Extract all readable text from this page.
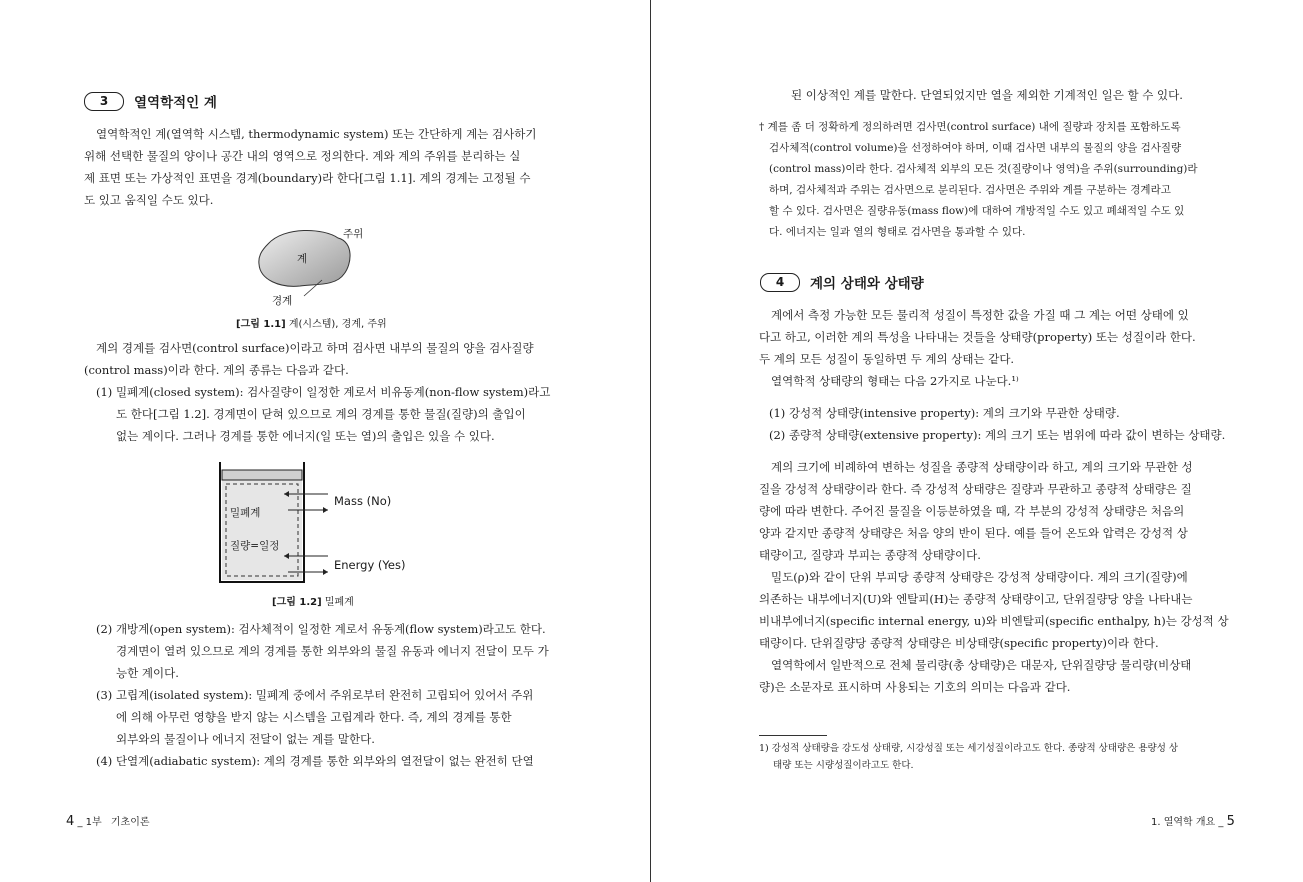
3	열역학적인 계
열역학적인 계(열역학 시스템, thermodynamic system) 또는 간단하게 계는 검사하기
위해 선택한 물질의 양이나 공간 내의 영역으로 정의한다. 계와 계의 주위를 분리하는 실
제 표면 또는 가상적인 표면을 경계(boundary)라 한다[그림 1.1]. 계의 경계는 고정될 수
도 있고 움직일 수도 있다.
주위
계
경계
[그림 1.1] 계(시스템), 경계, 주위
계의 경계를 검사면(control surface)이라고 하며 검사면 내부의 물질의 양을 검사질량
(control mass)이라 한다. 계의 종류는 다음과 같다.
(1) 밀폐계(closed system): 검사질량이 일정한 계로서 비유동계(non-flow system)라고
도 한다[그림 1.2]. 경계면이 닫혀 있으므로 계의 경계를 통한 물질(질량)의 출입이
없는 계이다. 그러나 경계를 통한 에너지(일 또는 열)의 출입은 있을 수 있다.
밀폐계
질량=일정
Mass (No)
Energy (Yes)
[그림 1.2] 밀폐계
(2) 개방계(open system): 검사체적이 일정한 계로서 유동계(flow system)라고도 한다.
경계면이 열려 있으므로 계의 경계를 통한 외부와의 물질 유동과 에너지 전달이 모두 가
능한 계이다.
(3) 고립계(isolated system): 밀폐계 중에서 주위로부터 완전히 고립되어 있어서 주위
에 의해 아무런 영향을 받지 않는 시스템을 고립계라 한다. 즉, 계의 경계를 통한
외부와의 물질이나 에너지 전달이 없는 계를 말한다.
(4) 단열계(adiabatic system): 계의 경계를 통한 외부와의 열전달이 없는 완전히 단열
4 _ 1부 기초이론
된 이상적인 계를 말한다. 단열되었지만 열을 제외한 기계적인 일은 할 수 있다.
† 계를 좀 더 정확하게 정의하려면 검사면(control surface) 내에 질량과 장치를 포함하도록
검사체적(control volume)을 선정하여야 하며, 이때 검사면 내부의 물질의 양을 검사질량
(control mass)이라 한다. 검사체적 외부의 모든 것(질량이나 영역)을 주위(surrounding)라
하며, 검사체적과 주위는 검사면으로 분리된다. 검사면은 주위와 계를 구분하는 경계라고
할 수 있다. 검사면은 질량유동(mass flow)에 대하여 개방적일 수도 있고 폐쇄적일 수도 있
다. 에너지는 일과 열의 형태로 검사면을 통과할 수 있다.
4	계의 상태와 상태량
계에서 측정 가능한 모든 물리적 성질이 특정한 값을 가질 때 그 계는 어떤 상태에 있
다고 하고, 이러한 계의 특성을 나타내는 것들을 상태량(property) 또는 성질이라 한다.
두 계의 모든 성질이 동일하면 두 계의 상태는 같다.
열역학적 상태량의 형태는 다음 2가지로 나눈다.¹⁾
(1) 강성적 상태량(intensive property): 계의 크기와 무관한 상태량.
(2) 종량적 상태량(extensive property): 계의 크기 또는 범위에 따라 값이 변하는 상태량.
계의 크기에 비례하여 변하는 성질을 종량적 상태량이라 하고, 계의 크기와 무관한 성
질을 강성적 상태량이라 한다. 즉 강성적 상태량은 질량과 무관하고 종량적 상태량은 질
량에 따라 변한다. 주어진 물질을 이등분하였을 때, 각 부분의 강성적 상태량은 처음의
양과 같지만 종량적 상태량은 처음 양의 반이 된다. 예를 들어 온도와 압력은 강성적 상
태량이고, 질량과 부피는 종량적 상태량이다.
밀도(ρ)와 같이 단위 부피당 종량적 상태량은 강성적 상태량이다. 계의 크기(질량)에
의존하는 내부에너지(U)와 엔탈피(H)는 종량적 상태량이고, 단위질량당 양을 나타내는
비내부에너지(specific internal energy, u)와 비엔탈피(specific enthalpy, h)는 강성적 상
태량이다. 단위질량당 종량적 상태량은 비상태량(specific property)이라 한다.
열역학에서 일반적으로 전체 물리량(총 상태량)은 대문자, 단위질량당 물리량(비상태
량)은 소문자로 표시하며 사용되는 기호의 의미는 다음과 같다.
1) 강성적 상태량을 강도성 상태량, 시강성질 또는 세기성질이라고도 한다. 종량적 상태량은 용량성 상
태량 또는 시량성질이라고도 한다.
1. 열역학 개요 _ 5
